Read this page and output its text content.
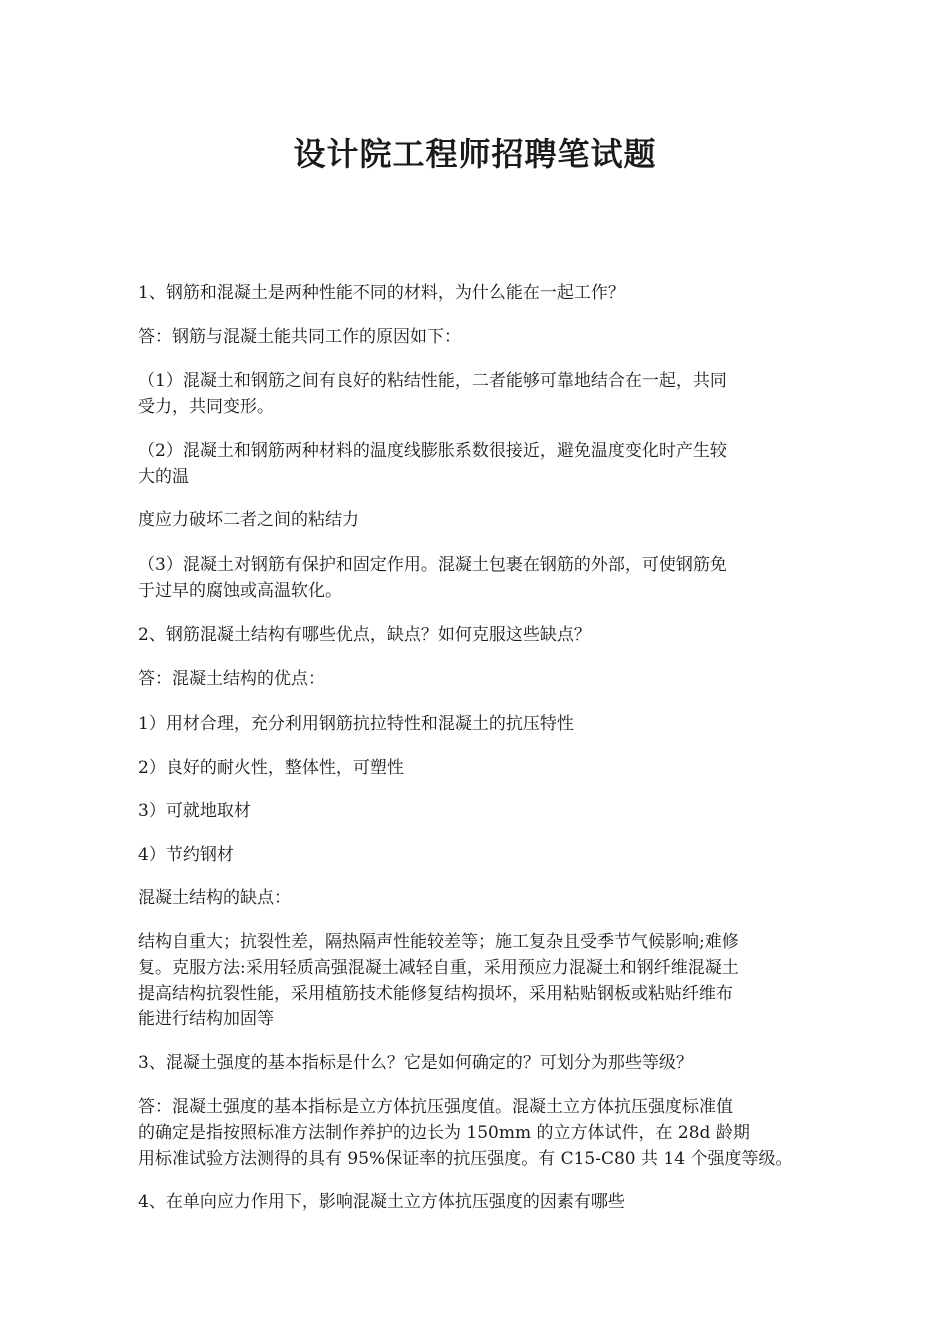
设计院工程师招聘笔试题

1、钢筋和混凝土是两种性能不同的材料，为什么能在一起工作？

答：钢筋与混凝土能共同工作的原因如下：

（1）混凝土和钢筋之间有良好的粘结性能，二者能够可靠地结合在一起，共同

受力，共同变形。

（2）混凝土和钢筋两种材料的温度线膨胀系数很接近，避免温度变化时产生较

大的温

度应力破坏二者之间的粘结力

（3）混凝土对钢筋有保护和固定作用。混凝土包裹在钢筋的外部，可使钢筋免

于过早的腐蚀或高温软化。

2、钢筋混凝土结构有哪些优点，缺点？如何克服这些缺点？

答：混凝土结构的优点：

1）用材合理，充分利用钢筋抗拉特性和混凝土的抗压特性

2）良好的耐火性，整体性，可塑性

3）可就地取材

4）节约钢材

混凝土结构的缺点：

结构自重大；抗裂性差，隔热隔声性能较差等；施工复杂且受季节气候影响;难修

复。克服方法:采用轻质高强混凝土减轻自重，采用预应力混凝土和钢纤维混凝土

提高结构抗裂性能，采用植筋技术能修复结构损坏，采用粘贴钢板或粘贴纤维布

能进行结构加固等

3、混凝土强度的基本指标是什么？它是如何确定的？可划分为那些等级？

答：混凝土强度的基本指标是立方体抗压强度值。混凝土立方体抗压强度标准值

的确定是指按照标准方法制作养护的边长为 150mm 的立方体试件，在 28d 龄期

用标准试验方法测得的具有 95%保证率的抗压强度。有 C15-C80 共 14 个强度等级。

4、在单向应力作用下，影响混凝土立方体抗压强度的因素有哪些
